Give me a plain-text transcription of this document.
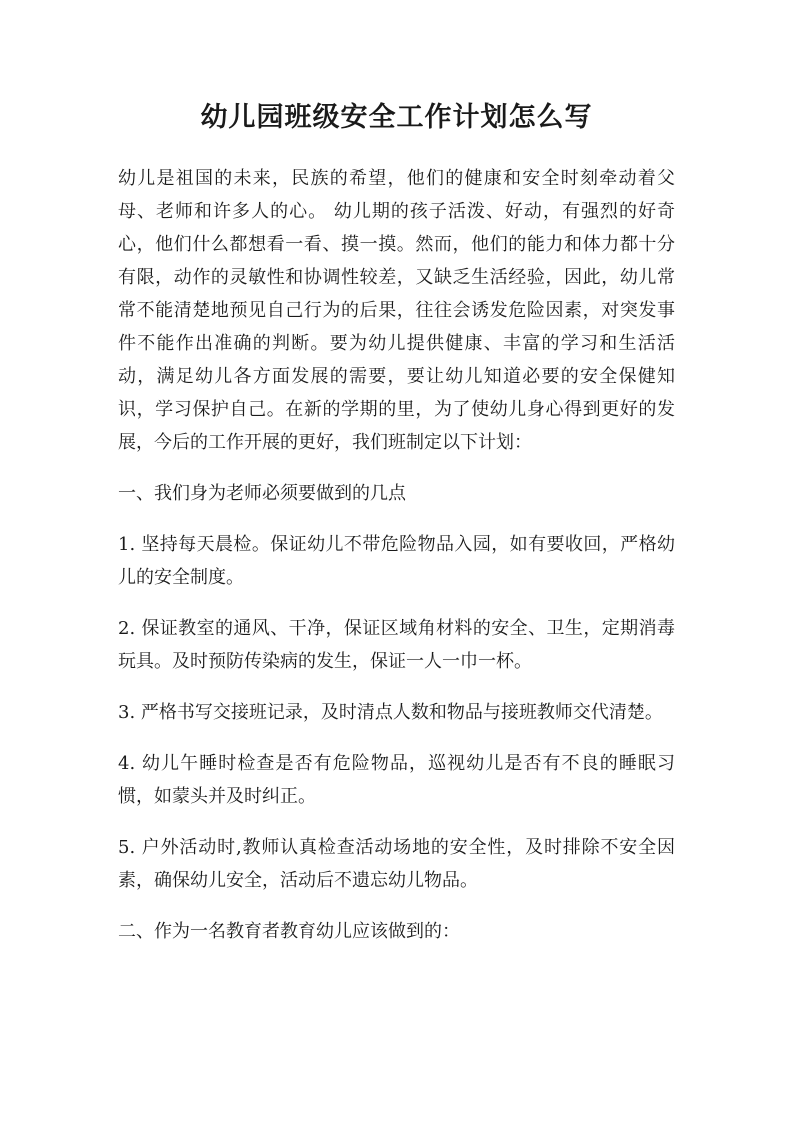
幼儿园班级安全工作计划怎么写

幼儿是祖国的未来，民族的希望，他们的健康和安全时刻牵动着父母、老师和许多人的心。 幼儿期的孩子活泼、好动，有强烈的好奇心，他们什么都想看一看、摸一摸。然而，他们的能力和体力都十分有限，动作的灵敏性和协调性较差，又缺乏生活经验，因此，幼儿常常不能清楚地预见自己行为的后果，往往会诱发危险因素，对突发事件不能作出准确的判断。要为幼儿提供健康、丰富的学习和生活活动，满足幼儿各方面发展的需要，要让幼儿知道必要的安全保健知识，学习保护自己。在新的学期的里，为了使幼儿身心得到更好的发展，今后的工作开展的更好，我们班制定以下计划：

一、我们身为老师必须要做到的几点

1. 坚持每天晨检。保证幼儿不带危险物品入园，如有要收回，严格幼儿的安全制度。

2. 保证教室的通风、干净，保证区域角材料的安全、卫生，定期消毒玩具。及时预防传染病的发生，保证一人一巾一杯。

3. 严格书写交接班记录，及时清点人数和物品与接班教师交代清楚。

4. 幼儿午睡时检查是否有危险物品，巡视幼儿是否有不良的睡眠习惯，如蒙头并及时纠正。

5. 户外活动时,教师认真检查活动场地的安全性，及时排除不安全因素，确保幼儿安全，活动后不遗忘幼儿物品。

二、作为一名教育者教育幼儿应该做到的：
